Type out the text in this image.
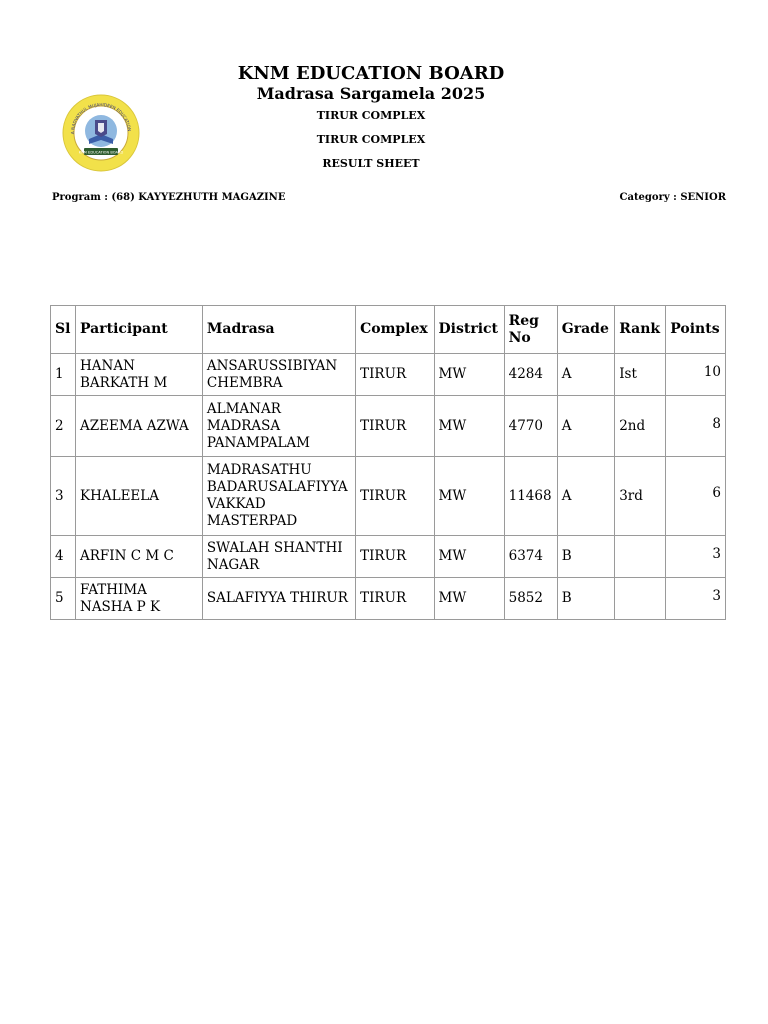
A NADVATHUL MUJAHIDEEN EDUCATION
KNM EDUCATION BOARD
KNM EDUCATION BOARD
Madrasa Sargamela 2025
TIRUR COMPLEX
TIRUR COMPLEX
RESULT SHEET
Program : (68) KAYYEZHUTH MAGAZINE	Category : SENIOR
Sl	Participant	Madrasa	Complex	District	Reg No	Grade	Rank	Points
1	HANAN BARKATH M	ANSARUSSIBIYAN CHEMBRA	TIRUR	MW	4284	A	Ist	10
2	AZEEMA AZWA	ALMANAR MADRASA PANAMPALAM	TIRUR	MW	4770	A	2nd	8
3	KHALEELA	MADRASATHU BADARUSALAFIYYA VAKKAD MASTERPAD	TIRUR	MW	11468	A	3rd	6
4	ARFIN C M C	SWALAH SHANTHI NAGAR	TIRUR	MW	6374	B		3
5	FATHIMA NASHA P K	SALAFIYYA THIRUR	TIRUR	MW	5852	B		3
